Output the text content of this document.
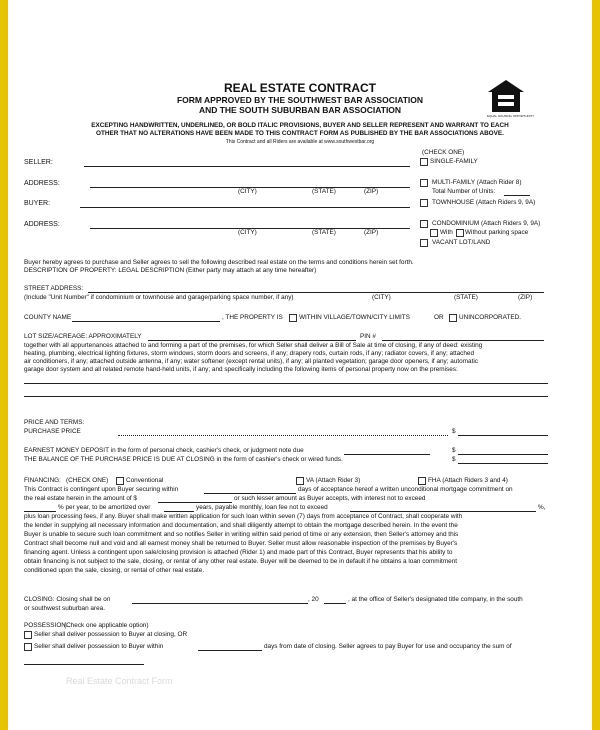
REAL ESTATE CONTRACT
FORM APPROVED BY THE SOUTHWEST BAR ASSOCIATION
AND THE SOUTH SUBURBAN BAR ASSOCIATION
EXCEPTING HANDWRITTEN, UNDERLINED, OR BOLD ITALIC PROVISIONS, BUYER AND SELLER REPRESENT AND WARRANT TO EACH
OTHER THAT NO ALTERATIONS HAVE BEEN MADE TO THIS CONTRACT FORM AS PUBLISHED BY THE BAR ASSOCIATIONS ABOVE.
This Contract and all Riders are available at www.southwestbar.org
EQUAL HOUSING OPPORTUNITY
(CHECK ONE)
SELLER:	SINGLE-FAMILY
ADDRESS:	MULTI-FAMILY (Attach Rider 8)
(CITY)	(STATE)	(ZIP)	Total Number of Units:
BUYER:	TOWNHOUSE (Attach Riders 9, 9A)
ADDRESS:	CONDOMINIUM (Attach Riders 9, 9A)
(CITY)	(STATE)	(ZIP)	With Without parking space
VACANT LOT/LAND
Buyer hereby agrees to purchase and Seller agrees to sell the following described real estate on the terms and conditions herein set forth.
DESCRIPTION OF PROPERTY: LEGAL DESCRIPTION (Either party may attach at any time hereafter)
STREET ADDRESS:
(Include "Unit Number" if condominium or townhouse and garage/parking space number, if any)	(CITY)	(STATE)	(ZIP)
COUNTY NAME	, THE PROPERTY IS	WITHIN VILLAGE/TOWN/CITY LIMITS	OR UNINCORPORATED.
LOT SIZE/ACREAGE: APPROXIMATELY	PIN #
together with all appurtenances attached to and forming a part of the premises, for which Seller shall deliver a Bill of Sale at time of closing, if any of deed: existing
heating, plumbing, electrical lighting fixtures, storm windows, storm doors and screens, if any; drapery rods, curtain rods, if any; radiator covers, if any; attached
air conditioners, if any; attached outside antenna, if any; water softener (except rental units), if any; all planted vegetation; garage door openers, if any; automatic
garage door system and all related remote hand-held units, if any; and specifically including the following items of personal property now on the premises:
PRICE AND TERMS:
PURCHASE PRICE	$
EARNEST MONEY DEPOSIT in the form of personal check, cashier's check, or judgment note due	$
THE BALANCE OF THE PURCHASE PRICE IS DUE AT CLOSING in the form of cashier's check or wired funds.	$
FINANCING: (CHECK ONE)	Conventional	VA (Attach Rider 3)	FHA (Attach Riders 3 and 4)
This Contract is contingent upon Buyer securing within	days of acceptance hereof a written unconditional mortgage commitment on
the real estate herein in the amount of $	or such lesser amount as Buyer accepts, with interest not to exceed
% per year, to be amortized over	years, payable monthly, loan fee not to exceed	%,
plus loan processing fees, if any. Buyer shall make written application for such loan within seven (7) days from acceptance of Contract, shall cooperate with
the lender in supplying all necessary information and documentation, and shall diligently attempt to obtain the mortgage described herein. In the event the
Buyer is unable to secure such loan commitment and so notifies Seller in writing within said period of time or any extension, then Seller's attorney and this
Contract shall become null and void and all earnest money shall be returned to Buyer. Seller must allow reasonable inspection of the premises by Buyer's
financing agent. Unless a contingent upon sale/closing provision is attached (Rider 1) and made part of this Contract, Buyer represents that his ability to
obtain financing is not subject to the sale, closing, or rental of any other real estate. Buyer will be deemed to be in default if he obtains a loan commitment
conditioned upon the sale, closing, or rental of other real estate.
CLOSING: Closing shall be on	, 20	, at the office of Seller's designated title company, in the south
or southwest suburban area.
POSSESSION:
(Check one applicable option)
Seller shall deliver possession to Buyer at closing, OR
Seller shall deliver possession to Buyer within	days from date of closing. Seller agrees to pay Buyer for use and occupancy the sum of
Real Estate Contract Form
